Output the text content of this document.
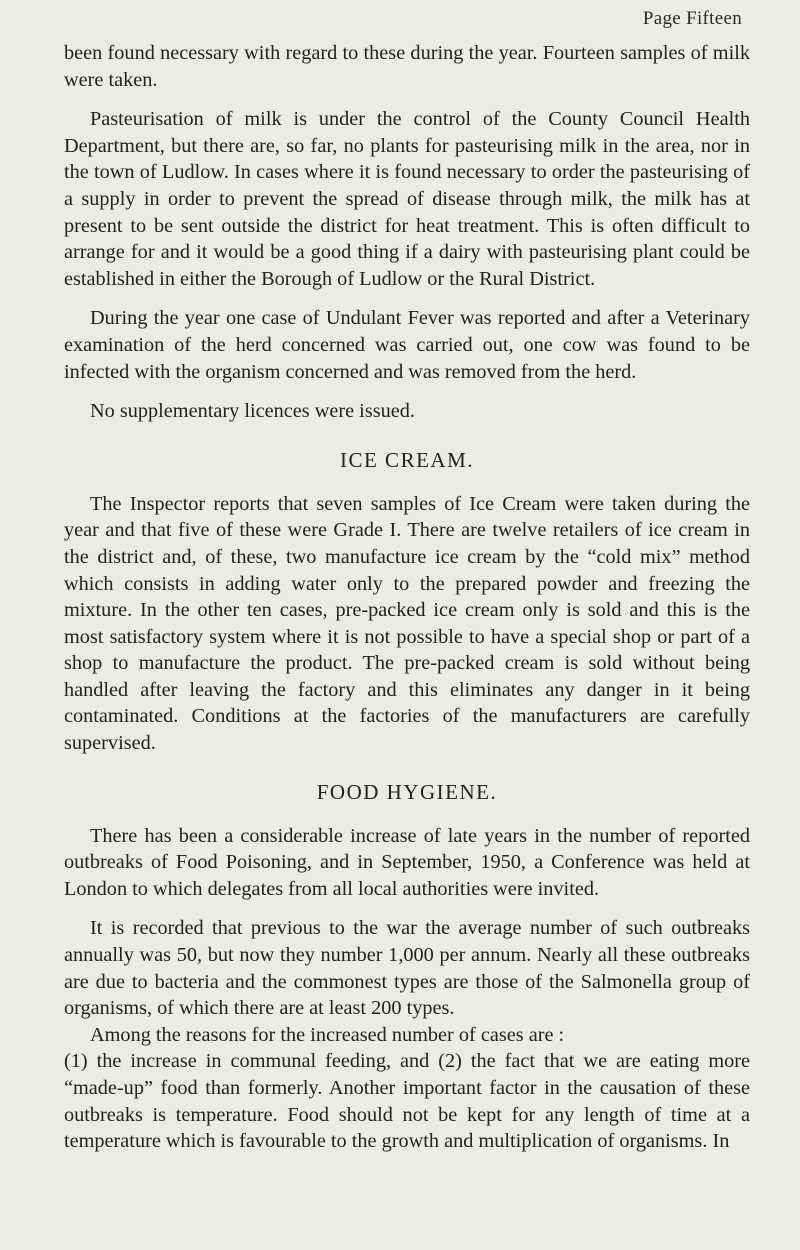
Page Fifteen

been found necessary with regard to these during the year. Fourteen samples of milk were taken.

Pasteurisation of milk is under the control of the County Council Health Department, but there are, so far, no plants for pasteurising milk in the area, nor in the town of Ludlow. In cases where it is found necessary to order the pasteurising of a supply in order to prevent the spread of disease through milk, the milk has at present to be sent outside the district for heat treatment. This is often difficult to arrange for and it would be a good thing if a dairy with pasteurising plant could be established in either the Borough of Ludlow or the Rural District.

During the year one case of Undulant Fever was reported and after a Veterinary examination of the herd concerned was carried out, one cow was found to be infected with the organism concerned and was removed from the herd.

No supplementary licences were issued.

ICE CREAM.

The Inspector reports that seven samples of Ice Cream were taken during the year and that five of these were Grade I. There are twelve retailers of ice cream in the district and, of these, two manufacture ice cream by the “cold mix” method which consists in adding water only to the prepared powder and freezing the mixture. In the other ten cases, pre-packed ice cream only is sold and this is the most satisfactory system where it is not possible to have a special shop or part of a shop to manufacture the product. The pre-packed cream is sold without being handled after leaving the factory and this eliminates any danger in it being contaminated. Conditions at the factories of the manufacturers are carefully supervised.

FOOD HYGIENE.

There has been a considerable increase of late years in the number of reported outbreaks of Food Poisoning, and in September, 1950, a Conference was held at London to which delegates from all local authorities were invited.

It is recorded that previous to the war the average number of such outbreaks annually was 50, but now they number 1,000 per annum. Nearly all these outbreaks are due to bacteria and the commonest types are those of the Salmonella group of organisms, of which there are at least 200 types.

Among the reasons for the increased number of cases are :

(1) the increase in communal feeding, and (2) the fact that we are eating more “made-up” food than formerly. Another important factor in the causation of these outbreaks is temperature. Food should not be kept for any length of time at a temperature which is favourable to the growth and multiplication of organisms. In
